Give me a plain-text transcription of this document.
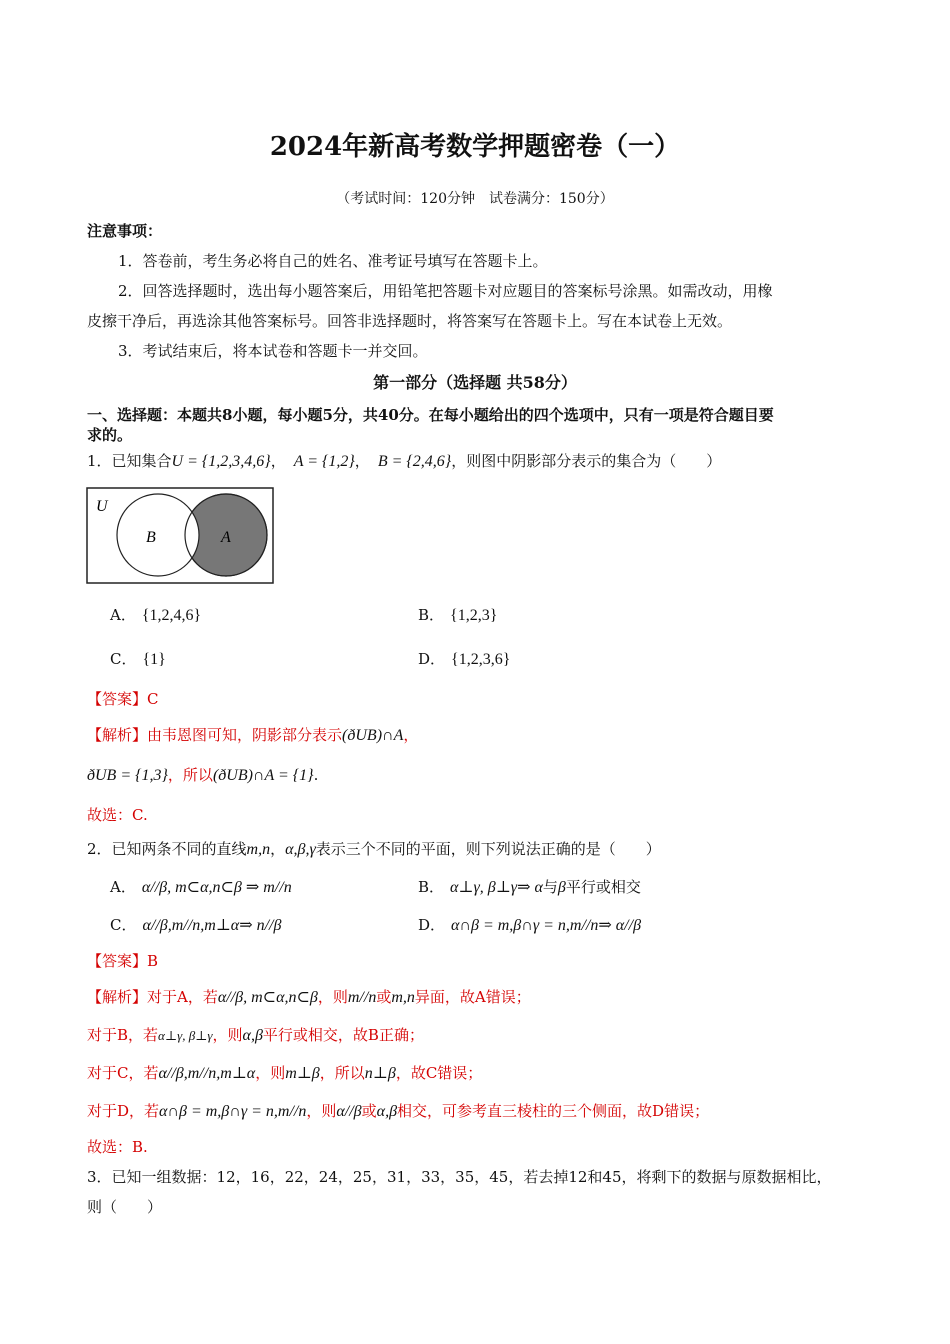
2024年新高考数学押题密卷（一）
（考试时间：120分钟　试卷满分：150分）
注意事项：
1．答卷前，考生务必将自己的姓名、准考证号填写在答题卡上。
2．回答选择题时，选出每小题答案后，用铅笔把答题卡对应题目的答案标号涂黑。如需改动，用橡
皮擦干净后，再选涂其他答案标号。回答非选择题时，将答案写在答题卡上。写在本试卷上无效。
3．考试结束后，将本试卷和答题卡一并交回。
第一部分（选择题 共58分）
一、选择题：本题共8小题，每小题5分，共40分。在每小题给出的四个选项中，只有一项是符合题目要
求的。
1．已知集合U = {1,2,3,4,6}， A = {1,2}， B = {2,4,6}，则图中阴影部分表示的集合为（　　）
U
B	A
A． {1,2,4,6}	B． {1,2,3}
C． {1}	D． {1,2,3,6}
【答案】C
【解析】由韦恩图可知，阴影部分表示(ðUB)∩A，
ðUB = {1,3}，所以(ðUB)∩A = {1}.
故选：C.
2．已知两条不同的直线m,n，α,β,γ表示三个不同的平面，则下列说法正确的是（　　）
A． α//β, m⊂α,n⊂β ⇒ m//n	B． α⊥γ, β⊥γ⇒ α与β平行或相交
C． α//β,m//n,m⊥α⇒ n//β	D． α∩β = m,β∩γ = n,m//n⇒ α//β
【答案】B
【解析】对于A，若α//β, m⊂α,n⊂β，则m//n或m,n异面，故A错误；
对于B，若α⊥γ, β⊥γ，则α,β平行或相交，故B正确；
对于C，若α//β,m//n,m⊥α，则m⊥β，所以n⊥β，故C错误；
对于D，若α∩β = m,β∩γ = n,m//n，则α//β或α,β相交，可参考直三棱柱的三个侧面，故D错误；
故选：B.
3．已知一组数据：12，16，22，24，25，31，33，35，45，若去掉12和45，将剩下的数据与原数据相比，
则（　　）
